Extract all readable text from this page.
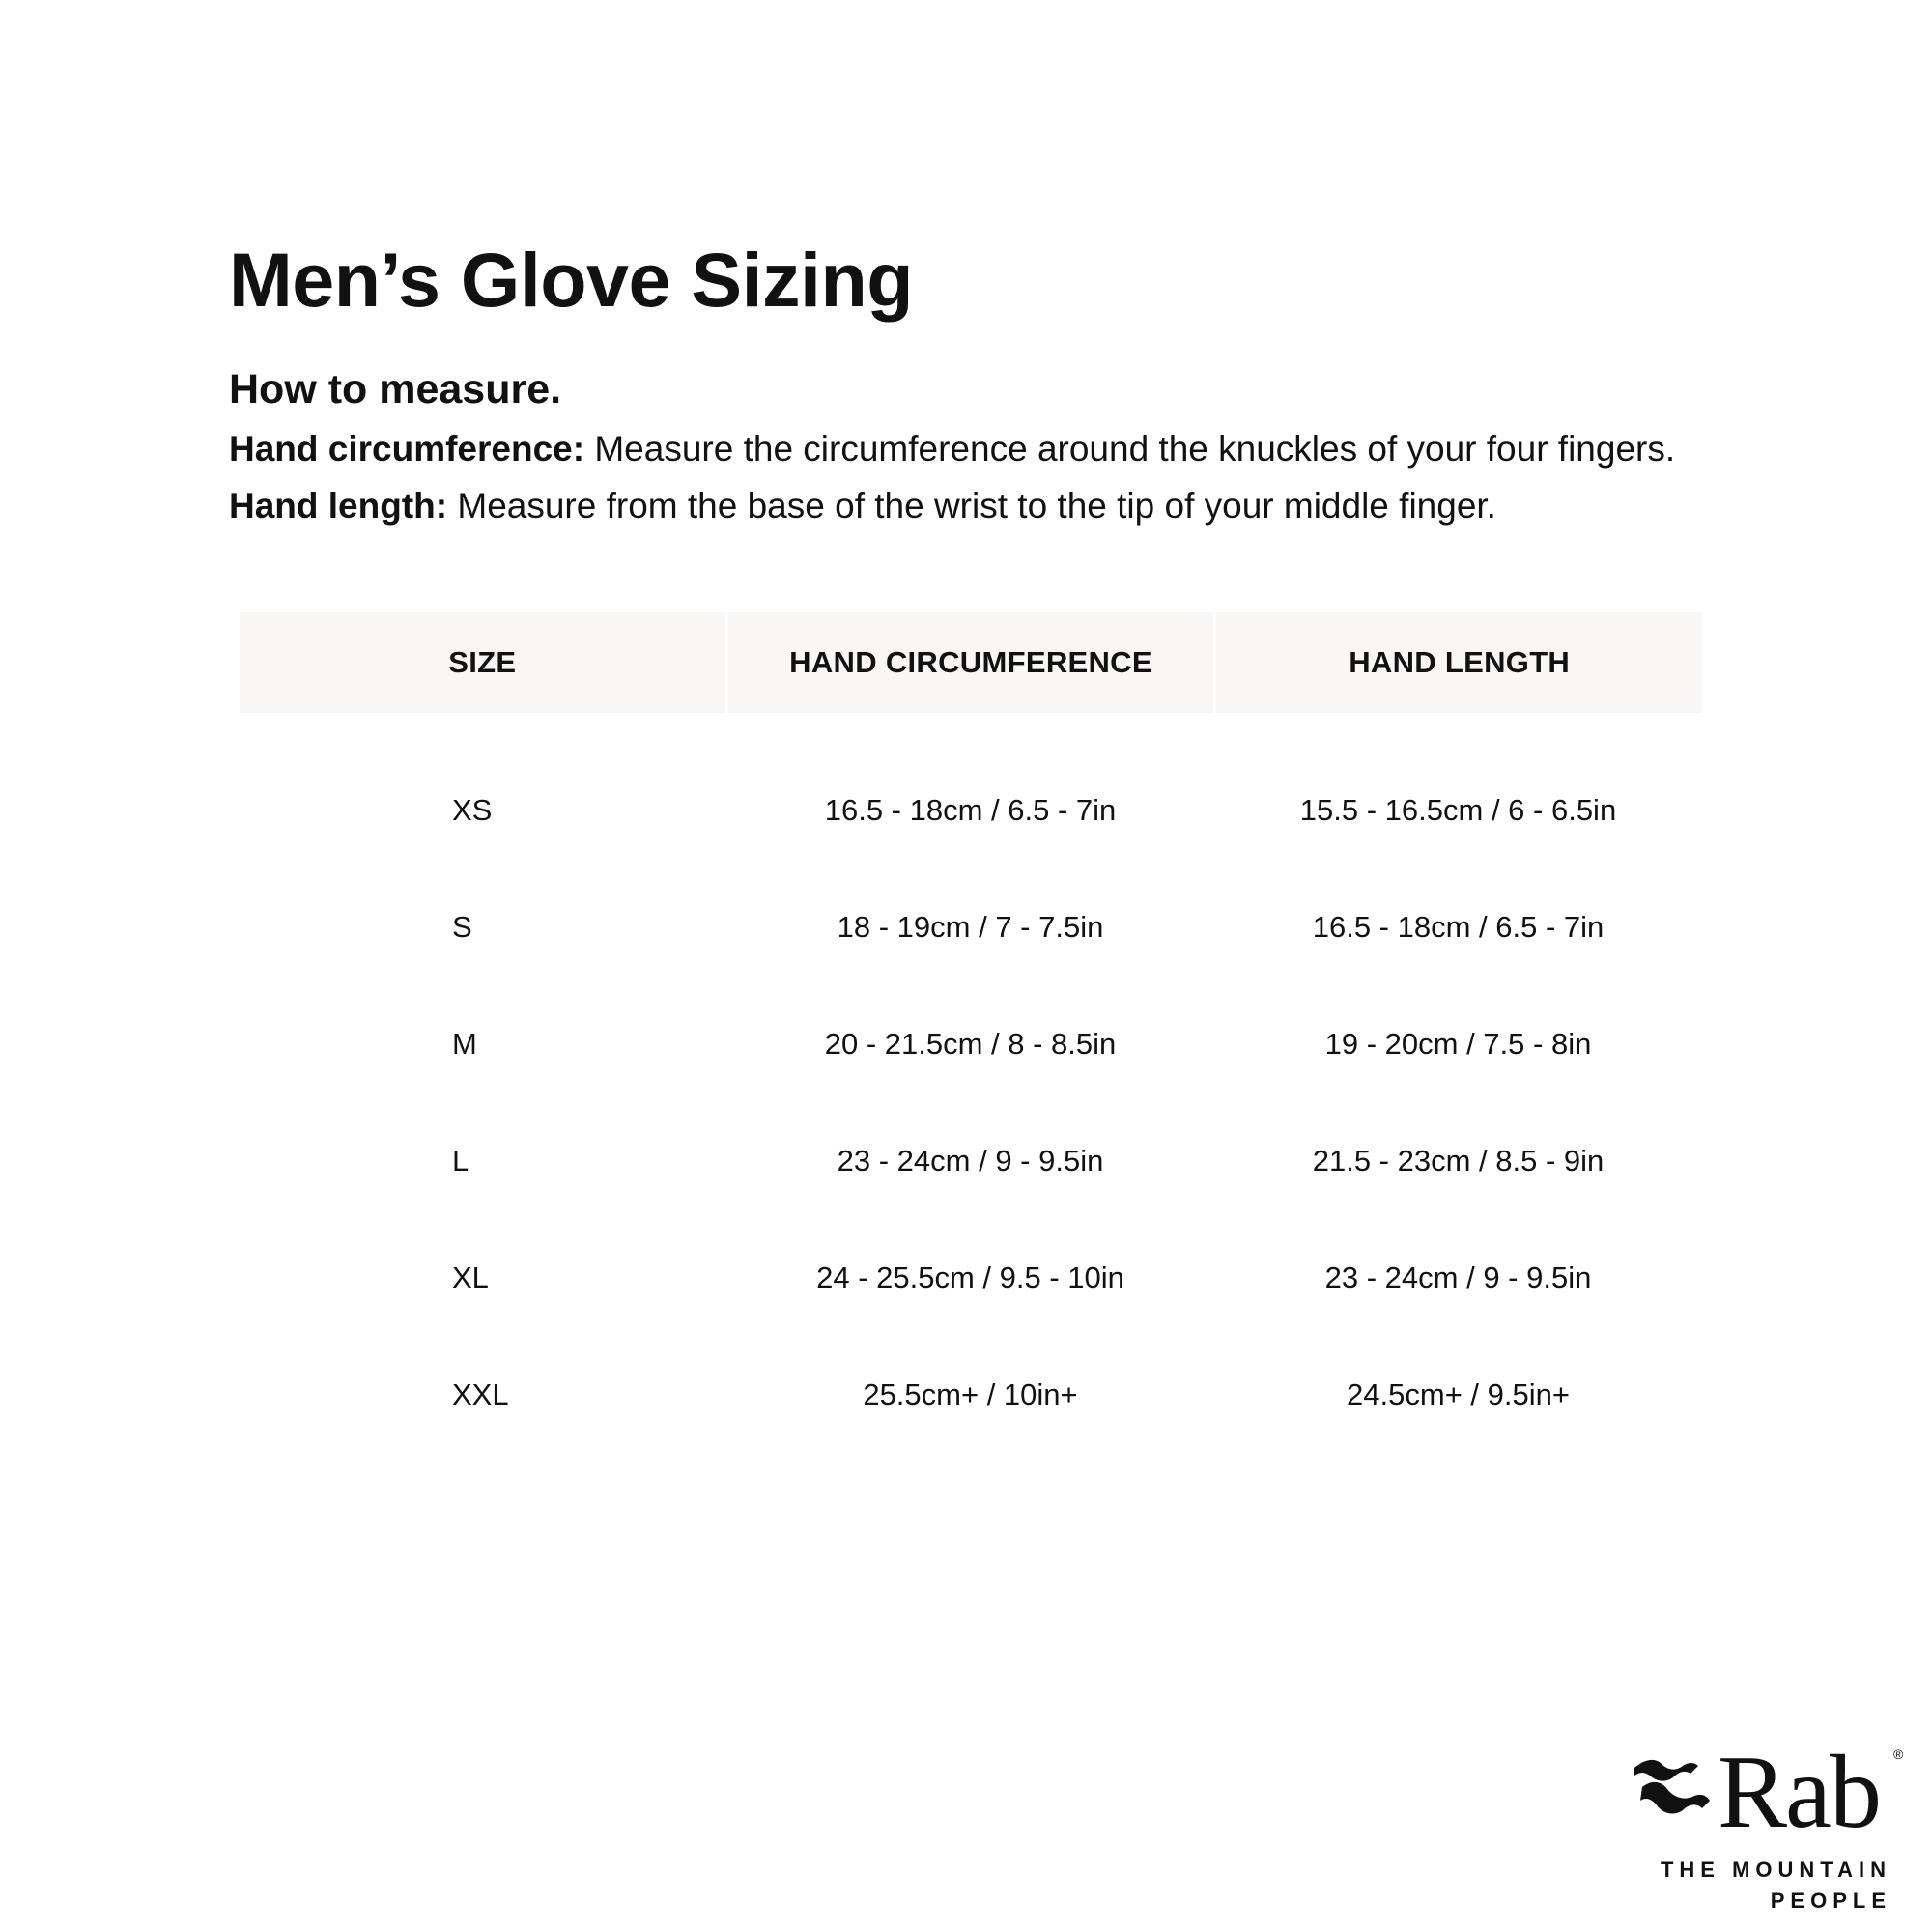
Men’s Glove Sizing
How to measure.

Hand circumference: Measure the circumference around the knuckles of your four fingers.

Hand length: Measure from the base of the wrist to the tip of your middle finger.

SIZE	HAND CIRCUMFERENCE	HAND LENGTH
XS	16.5 - 18cm / 6.5 - 7in	15.5 - 16.5cm / 6 - 6.5in
S	18 - 19cm / 7 - 7.5in	16.5 - 18cm / 6.5 - 7in
M	20 - 21.5cm / 8 - 8.5in	19 - 20cm / 7.5 - 8in
L	23 - 24cm / 9 - 9.5in	21.5 - 23cm / 8.5 - 9in
XL	24 - 25.5cm / 9.5 - 10in	23 - 24cm / 9 - 9.5in
XXL	25.5cm+ / 10in+	24.5cm+ / 9.5in+
Rab ®
THE MOUNTAIN
PEOPLE
